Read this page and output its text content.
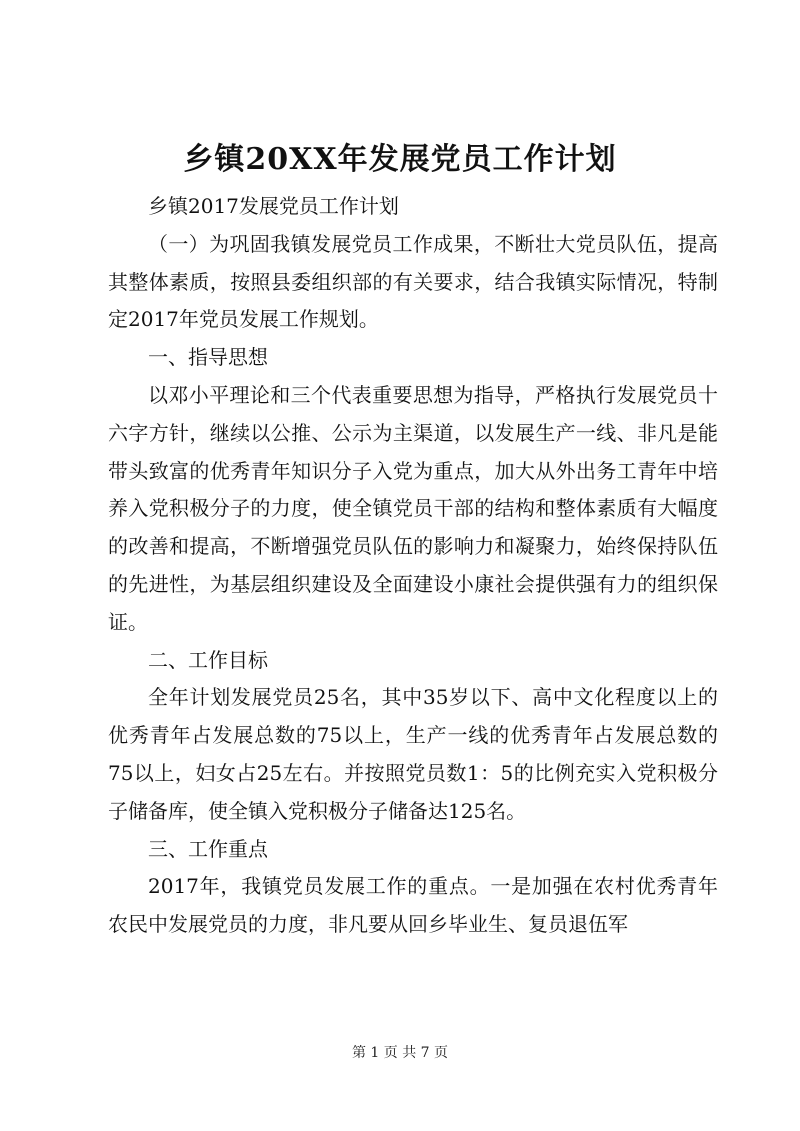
乡镇20XX年发展党员工作计划

乡镇2017发展党员工作计划

（一）为巩固我镇发展党员工作成果，不断壮大党员队伍，提高其整体素质，按照县委组织部的有关要求，结合我镇实际情况，特制定2017年党员发展工作规划。

一、指导思想

以邓小平理论和三个代表重要思想为指导，严格执行发展党员十六字方针，继续以公推、公示为主渠道，以发展生产一线、非凡是能带头致富的优秀青年知识分子入党为重点，加大从外出务工青年中培养入党积极分子的力度，使全镇党员干部的结构和整体素质有大幅度的改善和提高，不断增强党员队伍的影响力和凝聚力，始终保持队伍的先进性，为基层组织建设及全面建设小康社会提供强有力的组织保证。

二、工作目标

全年计划发展党员25名，其中35岁以下、高中文化程度以上的优秀青年占发展总数的75以上，生产一线的优秀青年占发展总数的75以上，妇女占25左右。并按照党员数1：5的比例充实入党积极分子储备库，使全镇入党积极分子储备达125名。

三、工作重点

2017年，我镇党员发展工作的重点。一是加强在农村优秀青年农民中发展党员的力度，非凡要从回乡毕业生、复员退伍军

第 1 页 共 7 页
